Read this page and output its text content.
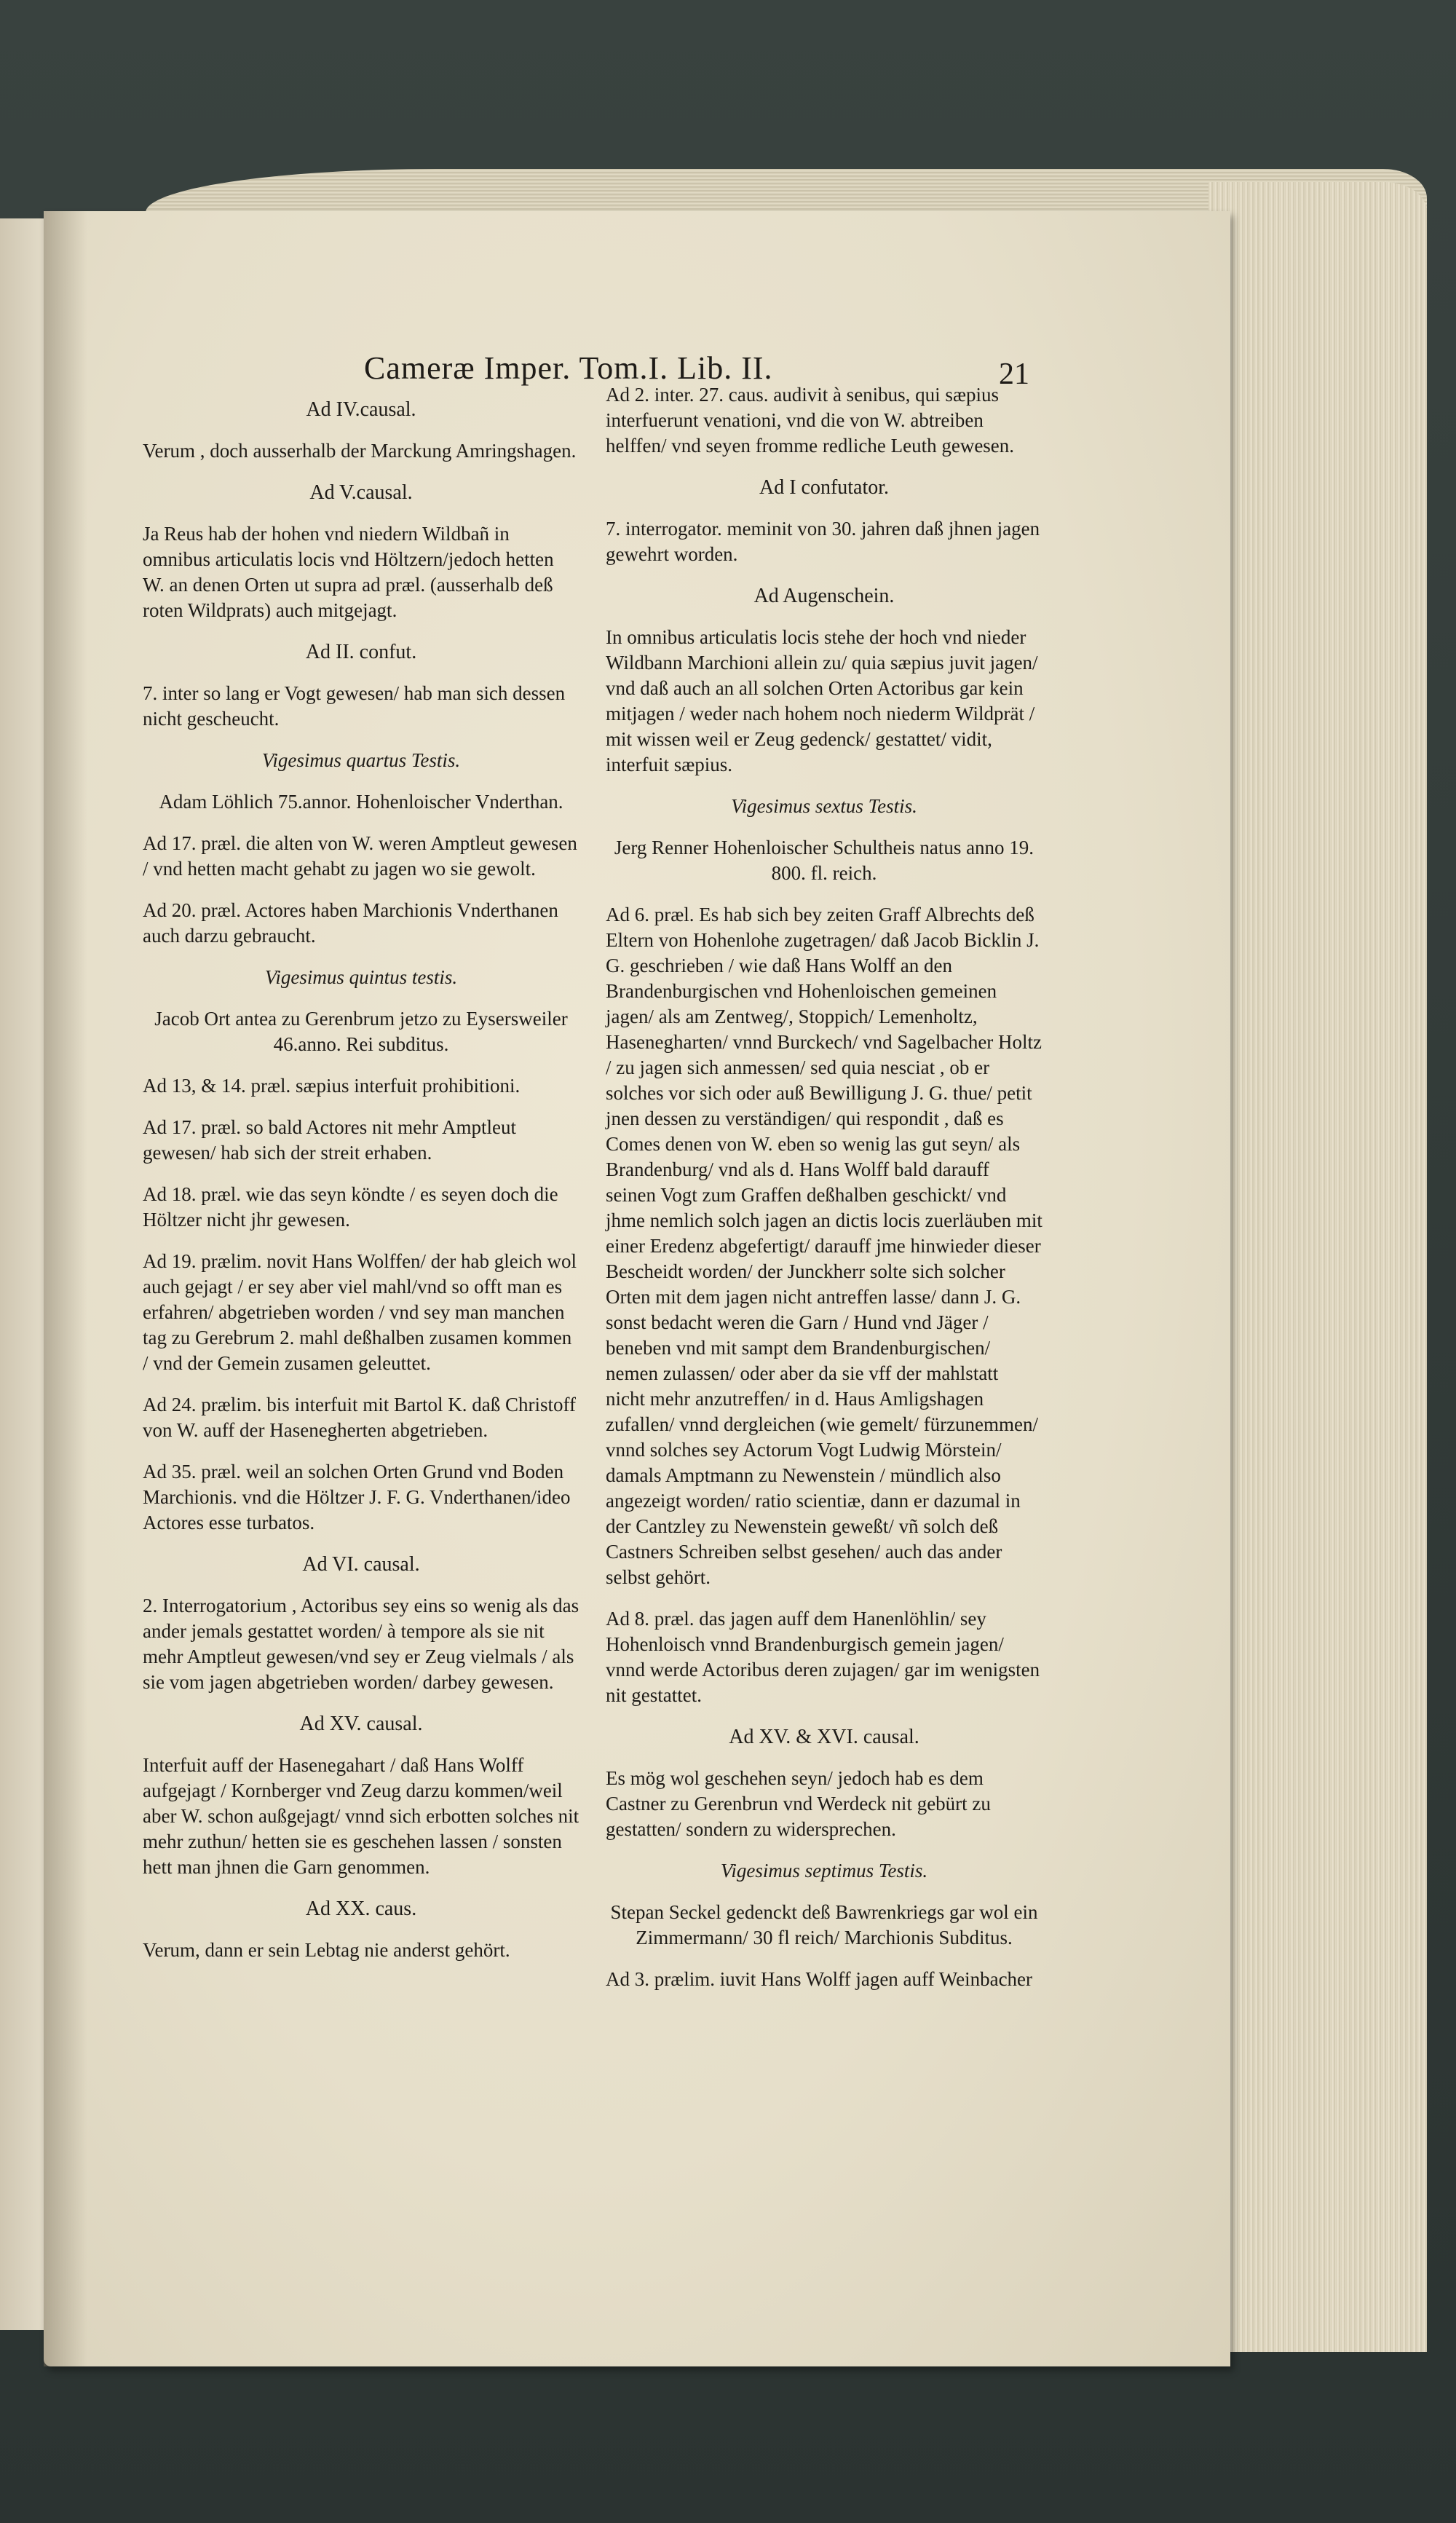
Cameræ Imper. Tom.I. Lib. II.	21

Ad IV.causal.

Verum , doch ausserhalb der Marckung Amringshagen.

Ad V.causal.

Ja Reus hab der hohen vnd niedern Wildbañ in omnibus articulatis locis vnd Höltzern/jedoch hetten W. an denen Orten ut supra ad præl. (ausserhalb deß roten Wildprats) auch mitgejagt.

Ad II. confut.

7. inter so lang er Vogt gewesen/ hab man sich dessen nicht gescheucht.

Vigesimus quartus Testis.

Adam Löhlich 75.annor. Hohenloischer Vnderthan.

Ad 17. præl. die alten von W. weren Amptleut gewesen / vnd hetten macht gehabt zu jagen wo sie gewolt.

Ad 20. præl. Actores haben Marchionis Vnderthanen auch darzu gebraucht.

Vigesimus quintus testis.

Jacob Ort antea zu Gerenbrum jetzo zu Eysersweiler 46.anno. Rei subditus.

Ad 13, & 14. præl. sæpius interfuit prohibitioni.

Ad 17. præl. so bald Actores nit mehr Amptleut gewesen/ hab sich der streit erhaben.

Ad 18. præl. wie das seyn köndte / es seyen doch die Höltzer nicht jhr gewesen.

Ad 19. prælim. novit Hans Wolffen/ der hab gleich wol auch gejagt / er sey aber viel mahl/vnd so offt man es erfahren/ abgetrieben worden / vnd sey man manchen tag zu Gerebrum 2. mahl deßhalben zusamen kommen / vnd der Gemein zusamen geleuttet.

Ad 24. prælim. bis interfuit mit Bartol K. daß Christoff von W. auff der Hasenegherten abgetrieben.

Ad 35. præl. weil an solchen Orten Grund vnd Boden Marchionis. vnd die Höltzer J. F. G. Vnderthanen/ideo Actores esse turbatos.

Ad VI. causal.

2. Interrogatorium , Actoribus sey eins so wenig als das ander jemals gestattet worden/ à tempore als sie nit mehr Amptleut gewesen/vnd sey er Zeug vielmals / als sie vom jagen abgetrieben worden/ darbey gewesen.

Ad XV. causal.

Interfuit auff der Hasenegahart / daß Hans Wolff aufgejagt / Kornberger vnd Zeug darzu kommen/weil aber W. schon außgejagt/ vnnd sich erbotten solches nit mehr zuthun/ hetten sie es geschehen lassen / sonsten hett man jhnen die Garn genommen.

Ad XX. caus.

Verum, dann er sein Lebtag nie anderst gehört.

Ad 2. inter. 27. caus. audivit à senibus, qui sæpius interfuerunt venationi, vnd die von W. abtreiben helffen/ vnd seyen fromme redliche Leuth gewesen.

Ad I confutator.

7. interrogator. meminit von 30. jahren daß jhnen jagen gewehrt worden.

Ad Augenschein.

In omnibus articulatis locis stehe der hoch vnd nieder Wildbann Marchioni allein zu/ quia sæpius juvit jagen/ vnd daß auch an all solchen Orten Actoribus gar kein mitjagen / weder nach hohem noch niederm Wildprät / mit wissen weil er Zeug gedenck/ gestattet/ vidit, interfuit sæpius.

Vigesimus sextus Testis.

Jerg Renner Hohenloischer Schultheis natus anno 19. 800. fl. reich.

Ad 6. præl. Es hab sich bey zeiten Graff Albrechts deß Eltern von Hohenlohe zugetragen/ daß Jacob Bicklin J. G. geschrieben / wie daß Hans Wolff an den Brandenburgischen vnd Hohenloischen gemeinen jagen/ als am Zentweg/, Stoppich/ Lemenholtz, Hasenegharten/ vnnd Burckech/ vnd Sagelbacher Holtz / zu jagen sich anmessen/ sed quia nesciat , ob er solches vor sich oder auß Bewilligung J. G. thue/ petit jnen dessen zu verständigen/ qui respondit , daß es Comes denen von W. eben so wenig las gut seyn/ als Brandenburg/ vnd als d. Hans Wolff bald darauff seinen Vogt zum Graffen deßhalben geschickt/ vnd jhme nemlich solch jagen an dictis locis zuerläuben mit einer Eredenz abgefertigt/ darauff jme hinwieder dieser Bescheidt worden/ der Junckherr solte sich solcher Orten mit dem jagen nicht antreffen lasse/ dann J. G. sonst bedacht weren die Garn / Hund vnd Jäger / beneben vnd mit sampt dem Brandenburgischen/ nemen zulassen/ oder aber da sie vff der mahlstatt nicht mehr anzutreffen/ in d. Haus Amligshagen zufallen/ vnnd dergleichen (wie gemelt/ fürzunemmen/ vnnd solches sey Actorum Vogt Ludwig Mörstein/ damals Amptmann zu Newenstein / mündlich also angezeigt worden/ ratio scientiæ, dann er dazumal in der Cantzley zu Newenstein geweßt/ vñ solch deß Castners Schreiben selbst gesehen/ auch das ander selbst gehört.

Ad 8. præl. das jagen auff dem Hanenlöhlin/ sey Hohenloisch vnnd Brandenburgisch gemein jagen/ vnnd werde Actoribus deren zujagen/ gar im wenigsten nit gestattet.

Ad XV. & XVI. causal.

Es mög wol geschehen seyn/ jedoch hab es dem Castner zu Gerenbrun vnd Werdeck nit gebürt zu gestatten/ sondern zu widersprechen.

Vigesimus septimus Testis.

Stepan Seckel gedenckt deß Bawrenkriegs gar wol ein Zimmermann/ 30 fl reich/ Marchionis Subditus.

Ad 3. prælim. iuvit Hans Wolff jagen auff Weinbacher
